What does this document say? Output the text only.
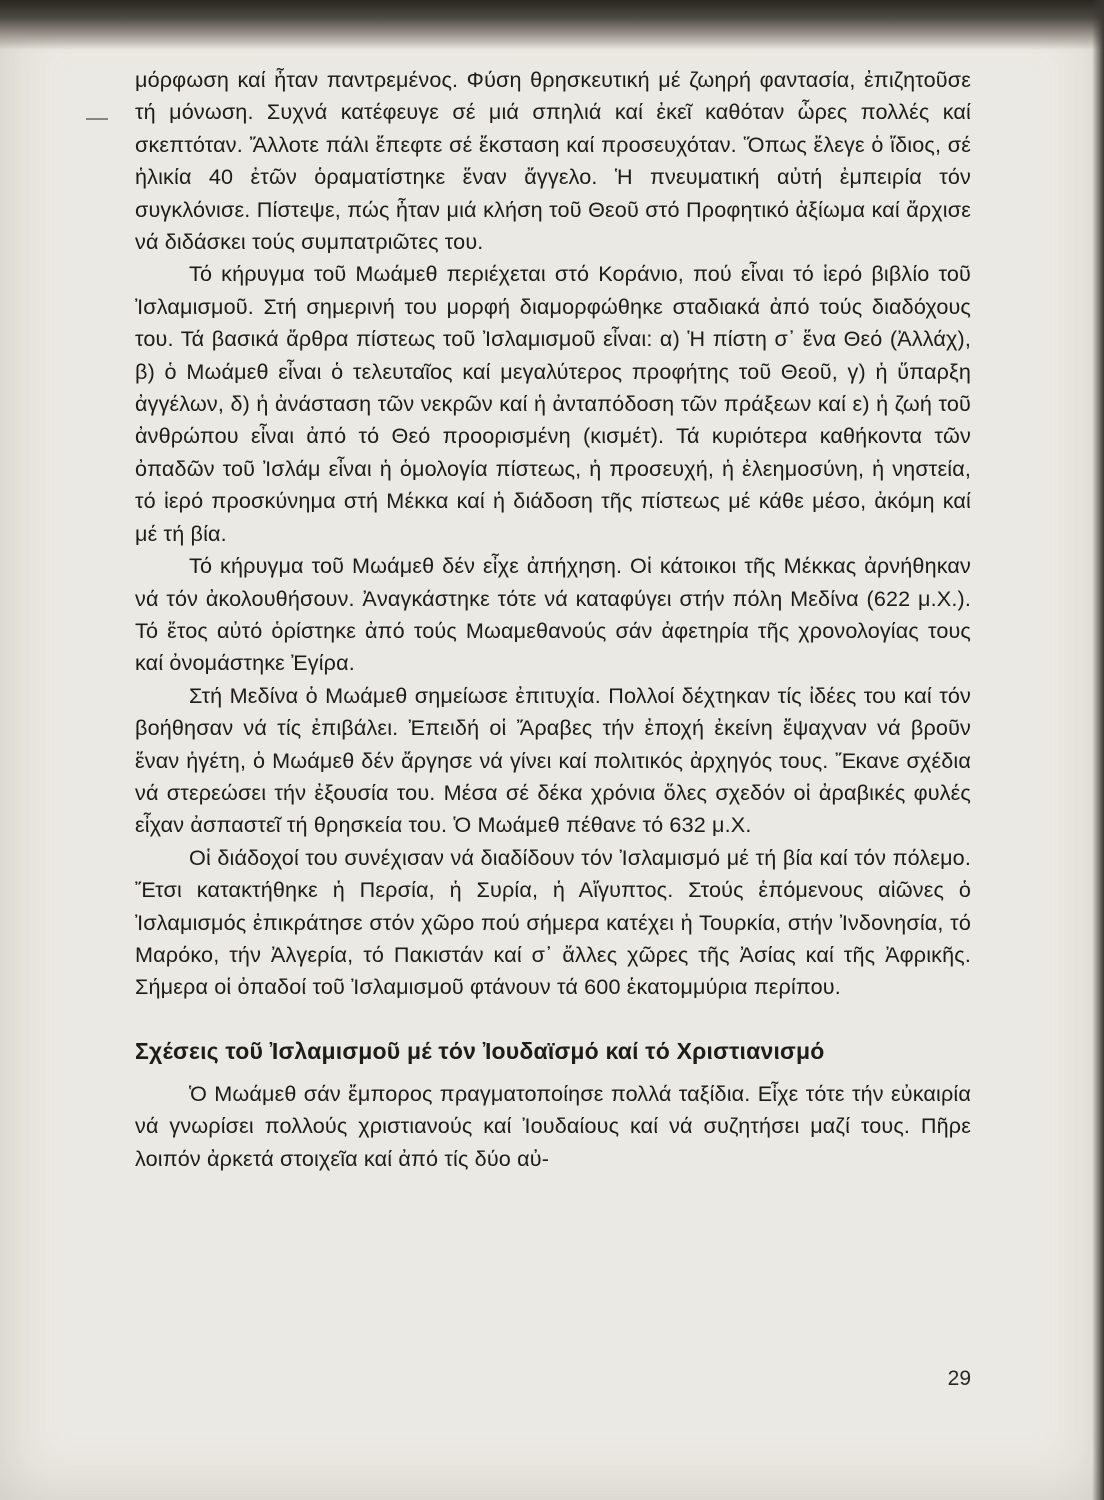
μόρφωση καί ἦταν παντρεμένος. Φύση θρησκευτική μέ ζωηρή φαντασία, ἐπιζητοῦσε τή μόνωση. Συχνά κατέφευγε σέ μιά σπηλιά καί ἐκεῖ καθόταν ὧρες πολλές καί σκεπτόταν. Ἄλλοτε πάλι ἔπεφτε σέ ἔκσταση καί προσευχόταν. Ὅπως ἔλεγε ὁ ἴδιος, σέ ἡλικία 40 ἐτῶν ὁραματίστηκε ἕναν ἄγγελο. Ἡ πνευματική αὐτή ἐμπειρία τόν συγκλόνισε. Πίστεψε, πώς ἦταν μιά κλήση τοῦ Θεοῦ στό Προφητικό ἀξίωμα καί ἄρχισε νά διδάσκει τούς συμπατριῶτες του.

Τό κήρυγμα τοῦ Μωάμεθ περιέχεται στό Κοράνιο, πού εἶναι τό ἱερό βιβλίο τοῦ Ἰσλαμισμοῦ. Στή σημερινή του μορφή διαμορφώθηκε σταδιακά ἀπό τούς διαδόχους του. Τά βασικά ἄρθρα πίστεως τοῦ Ἰσλαμισμοῦ εἶναι: α) Ἡ πίστη σ᾿ ἕνα Θεό (Ἀλλάχ), β) ὁ Μωάμεθ εἶναι ὁ τελευταῖος καί μεγαλύτερος προφήτης τοῦ Θεοῦ, γ) ἡ ὕπαρξη ἀγγέλων, δ) ἡ ἀνάσταση τῶν νεκρῶν καί ἡ ἀνταπόδοση τῶν πράξεων καί ε) ἡ ζωή τοῦ ἀνθρώπου εἶναι ἀπό τό Θεό προορισμένη (κισμέτ). Τά κυριότερα καθήκοντα τῶν ὀπαδῶν τοῦ Ἰσλάμ εἶναι ἡ ὁμολογία πίστεως, ἡ προσευχή, ἡ ἐλεημοσύνη, ἡ νηστεία, τό ἱερό προσκύνημα στή Μέκκα καί ἡ διάδοση τῆς πίστεως μέ κάθε μέσο, ἀκόμη καί μέ τή βία.

Τό κήρυγμα τοῦ Μωάμεθ δέν εἶχε ἀπήχηση. Οἱ κάτοικοι τῆς Μέκκας ἀρνήθηκαν νά τόν ἀκολουθήσουν. Ἀναγκάστηκε τότε νά καταφύγει στήν πόλη Μεδίνα (622 μ.Χ.). Τό ἔτος αὐτό ὁρίστηκε ἀπό τούς Μωαμεθανούς σάν ἀφετηρία τῆς χρονολογίας τους καί ὀνομάστηκε Ἐγίρα.

Στή Μεδίνα ὁ Μωάμεθ σημείωσε ἐπιτυχία. Πολλοί δέχτηκαν τίς ἰδέες του καί τόν βοήθησαν νά τίς ἐπιβάλει. Ἐπειδή οἱ Ἄραβες τήν ἐποχή ἐκείνη ἔψαχναν νά βροῦν ἕναν ἡγέτη, ὁ Μωάμεθ δέν ἄργησε νά γίνει καί πολιτικός ἀρχηγός τους. Ἔκανε σχέδια νά στερεώσει τήν ἐξουσία του. Μέσα σέ δέκα χρόνια ὅλες σχεδόν οἱ ἀραβικές φυλές εἶχαν ἀσπαστεῖ τή θρησκεία του. Ὁ Μωάμεθ πέθανε τό 632 μ.Χ.

Οἱ διάδοχοί του συνέχισαν νά διαδίδουν τόν Ἰσλαμισμό μέ τή βία καί τόν πόλεμο. Ἔτσι κατακτήθηκε ἡ Περσία, ἡ Συρία, ἡ Αἴγυπτος. Στούς ἑπόμενους αἰῶνες ὁ Ἰσλαμισμός ἐπικράτησε στόν χῶρο πού σήμερα κατέχει ἡ Τουρκία, στήν Ἰνδονησία, τό Μαρόκο, τήν Ἀλγερία, τό Πακιστάν καί σ᾿ ἄλλες χῶρες τῆς Ἀσίας καί τῆς Ἀφρικῆς. Σήμερα οἱ ὀπαδοί τοῦ Ἰσλαμισμοῦ φτάνουν τά 600 ἑκατομμύρια περίπου.

Σχέσεις τοῦ Ἰσλαμισμοῦ μέ τόν Ἰουδαϊσμό καί τό Χριστιανισμό

Ὁ Μωάμεθ σάν ἔμπορος πραγματοποίησε πολλά ταξίδια. Εἶχε τότε τήν εὐκαιρία νά γνωρίσει πολλούς χριστιανούς καί Ἰουδαίους καί νά συζητήσει μαζί τους. Πῆρε λοιπόν ἀρκετά στοιχεῖα καί ἀπό τίς δύο αὐ-

29
